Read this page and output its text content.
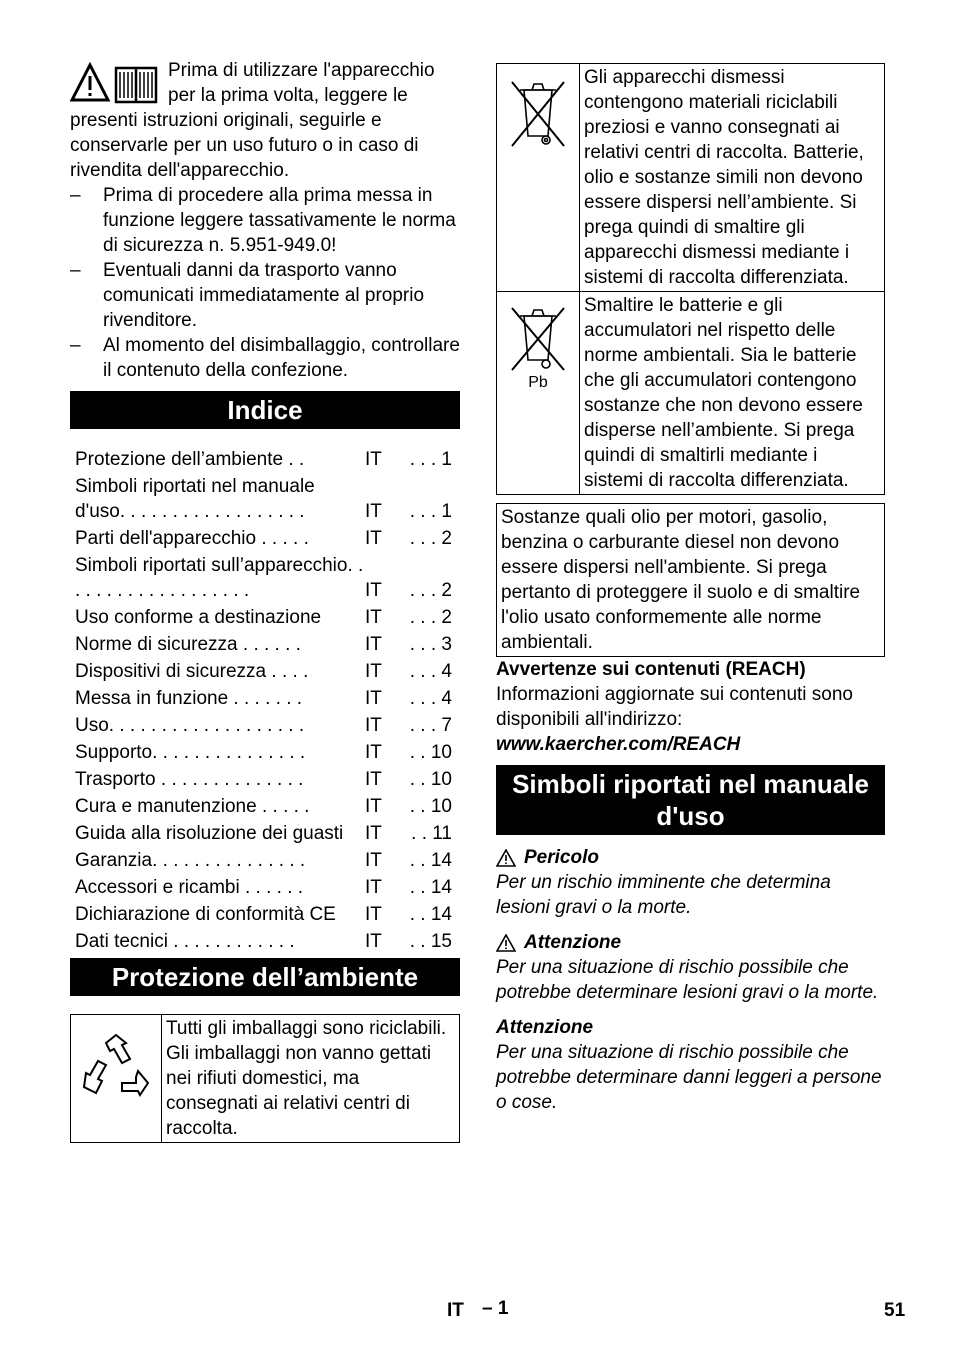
Prima di utilizzare l'apparecchio per la prima volta, leggere le presenti istruzioni originali, seguirle e conservarle per un uso futuro o in caso di rivendita dell'apparecchio.

– Prima di procedere alla prima messa in funzione leggere tassativamente le norma di sicurezza n. 5.951-949.0!
– Eventuali danni da trasporto vanno comunicati immediatamente al proprio rivenditore.
– Al momento del disimballaggio, controllare il contenuto della confezione.
Indice
Protezione dell’ambiente . .	IT	. . . 1
Simboli riportati nel manuale d'uso. . . . . . . . . . . . . . . . . .	IT	. . . 1
Parti dell'apparecchio . . . . .	IT	. . . 2
Simboli riportati sull’apparecchio. . . . . . . . . . . . . . . . . . .	IT	. . . 2
Uso conforme a destinazione	IT	. . . 2
Norme di sicurezza . . . . . .	IT	. . . 3
Dispositivi di sicurezza . . . .	IT	. . . 4
Messa in funzione . . . . . . .	IT	. . . 4
Uso. . . . . . . . . . . . . . . . . . .	IT	. . . 7
Supporto. . . . . . . . . . . . . . .	IT	. . 10
Trasporto . . . . . . . . . . . . . .	IT	. . 10
Cura e manutenzione . . . . .	IT	. . 10
Guida alla risoluzione dei guasti	IT	. . 11
Garanzia. . . . . . . . . . . . . . .	IT	. . 14
Accessori e ricambi . . . . . .	IT	. . 14
Dichiarazione di conformità CE	IT	. . 14
Dati tecnici . . . . . . . . . . . .	IT	. . 15
Protezione dell’ambiente
	Tutti gli imballaggi sono riciclabili. Gli imballaggi non vanno gettati nei rifiuti domestici, ma consegnati ai relativi centri di raccolta.
	Gli apparecchi dismessi contengono materiali riciclabili preziosi e vanno consegnati ai relativi centri di raccolta. Batterie, olio e sostanze simili non devono essere dispersi nell’ambiente. Si prega quindi di smaltire gli apparecchi dismessi mediante i sistemi di raccolta differenziata.

Pb	Smaltire le batterie e gli accumulatori nel rispetto delle norme ambientali. Sia le batterie che gli accumulatori contengono sostanze che non devono essere disperse nell’ambiente. Si prega quindi di smaltirli mediante i sistemi di raccolta differenziata.
Sostanze quali olio per motori, gasolio, benzina o carburante diesel non devono essere dispersi nell'ambiente. Si prega pertanto di proteggere il suolo e di smaltire l'olio usato conformemente alle norme ambientali.
Avvertenze sui contenuti (REACH)
Informazioni aggiornate sui contenuti sono disponibili all'indirizzo:
www.kaercher.com/REACH
Simboli riportati nel manuale d'uso
Pericolo
Per un rischio imminente che determina lesioni gravi o la morte.
Attenzione
Per una situazione di rischio possibile che potrebbe determinare lesioni gravi o la morte.
Attenzione
Per una situazione di rischio possibile che potrebbe determinare danni leggeri a persone o cose.
IT – 1	51
